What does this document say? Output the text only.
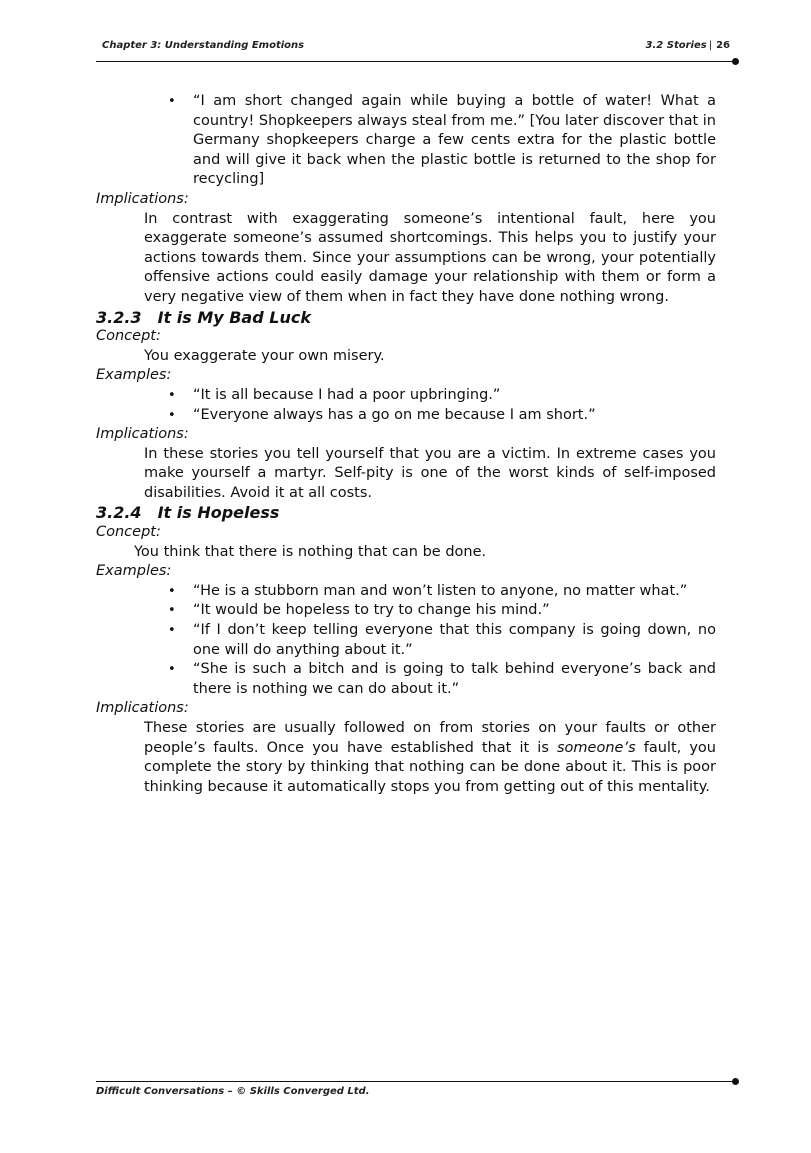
Chapter 3: Understanding Emotions	3.2 Stories | 26
• “I am short changed again while buying a bottle of water! What a country! Shopkeepers always steal from me.” [You later discover that in Germany shopkeepers charge a few cents extra for the plastic bottle and will give it back when the plastic bottle is returned to the shop for recycling]

Implications:

In contrast with exaggerating someone’s intentional fault, here you exaggerate someone’s assumed shortcomings. This helps you to justify your actions towards them. Since your assumptions can be wrong, your potentially offensive actions could easily damage your relationship with them or form a very negative view of them when in fact they have done nothing wrong.

3.2.3 It is My Bad Luck

Concept:

You exaggerate your own misery.

Examples:

• “It is all because I had a poor upbringing.”
• “Everyone always has a go on me because I am short.”

Implications:

In these stories you tell yourself that you are a victim. In extreme cases you make yourself a martyr. Self-pity is one of the worst kinds of self-imposed disabilities. Avoid it at all costs.

3.2.4 It is Hopeless

Concept:

You think that there is nothing that can be done.

Examples:

• “He is a stubborn man and won’t listen to anyone, no matter what.”
• “It would be hopeless to try to change his mind.”
• “If I don’t keep telling everyone that this company is going down, no one will do anything about it.”
• “She is such a bitch and is going to talk behind everyone’s back and there is nothing we can do about it.”

Implications:

These stories are usually followed on from stories on your faults or other people’s faults. Once you have established that it is someone’s fault, you complete the story by thinking that nothing can be done about it. This is poor thinking because it automatically stops you from getting out of this mentality.

Difficult Conversations – © Skills Converged Ltd.
